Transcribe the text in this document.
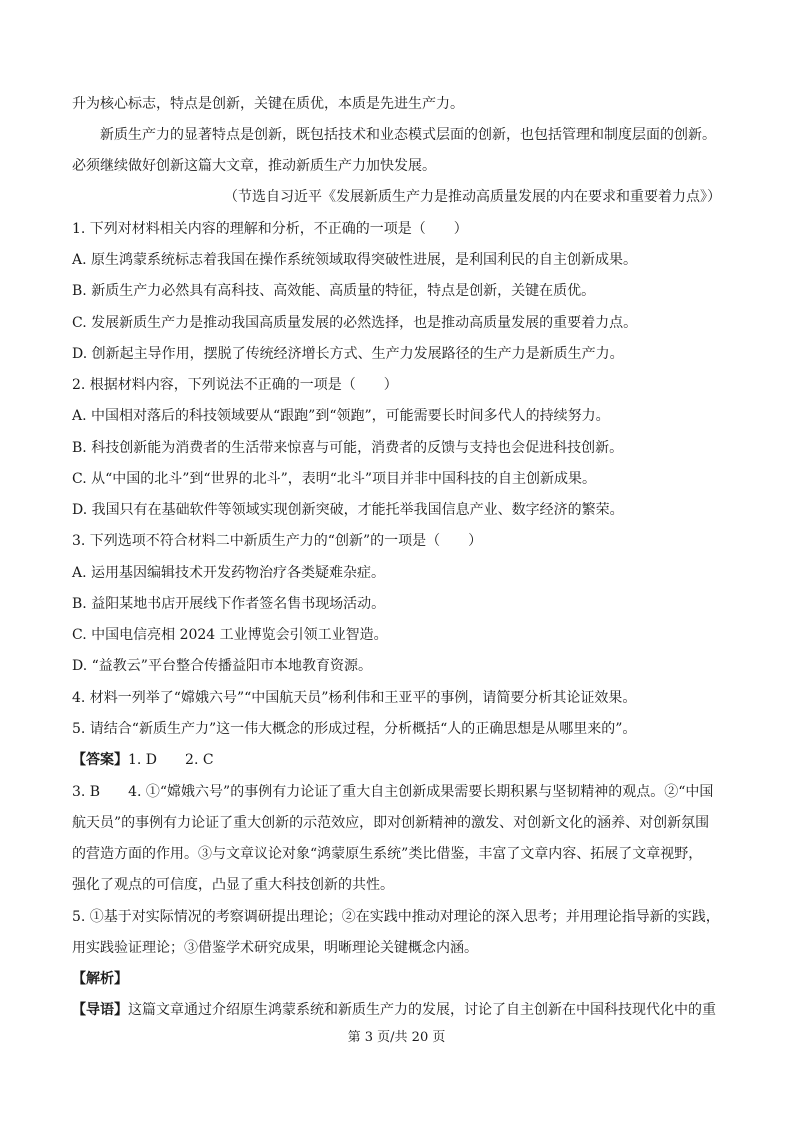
升为核心标志，特点是创新，关键在质优，本质是先进生产力。
新质生产力的显著特点是创新，既包括技术和业态模式层面的创新，也包括管理和制度层面的创新。
必须继续做好创新这篇大文章，推动新质生产力加快发展。
（节选自习近平《发展新质生产力是推动高质量发展的内在要求和重要着力点》）
1. 下列对材料相关内容的理解和分析，不正确的一项是（　　）
A. 原生鸿蒙系统标志着我国在操作系统领域取得突破性进展，是利国利民的自主创新成果。
B. 新质生产力必然具有高科技、高效能、高质量的特征，特点是创新，关键在质优。
C. 发展新质生产力是推动我国高质量发展的必然选择，也是推动高质量发展的重要着力点。
D. 创新起主导作用，摆脱了传统经济增长方式、生产力发展路径的生产力是新质生产力。
2. 根据材料内容，下列说法不正确的一项是（　　）
A. 中国相对落后的科技领域要从“跟跑”到“领跑”，可能需要长时间多代人的持续努力。
B. 科技创新能为消费者的生活带来惊喜与可能，消费者的反馈与支持也会促进科技创新。
C. 从“中国的北斗”到“世界的北斗”，表明“北斗”项目并非中国科技的自主创新成果。
D. 我国只有在基础软件等领域实现创新突破，才能托举我国信息产业、数字经济的繁荣。
3. 下列选项不符合材料二中新质生产力的“创新”的一项是（　　）
A. 运用基因编辑技术开发药物治疗各类疑难杂症。
B. 益阳某地书店开展线下作者签名售书现场活动。
C. 中国电信亮相 2024 工业博览会引领工业智造。
D. “益教云”平台整合传播益阳市本地教育资源。
4. 材料一列举了“嫦娥六号”“中国航天员”杨利伟和王亚平的事例，请简要分析其论证效果。
5. 请结合“新质生产力”这一伟大概念的形成过程，分析概括“人的正确思想是从哪里来的”。
【答案】1. D　　2. C
3. B　　4. ①“嫦娥六号”的事例有力论证了重大自主创新成果需要长期积累与坚韧精神的观点。②“中国
航天员”的事例有力论证了重大创新的示范效应，即对创新精神的激发、对创新文化的涵养、对创新氛围
的营造方面的作用。③与文章议论对象“鸿蒙原生系统”类比借鉴，丰富了文章内容、拓展了文章视野，
强化了观点的可信度，凸显了重大科技创新的共性。
5. ①基于对实际情况的考察调研提出理论；②在实践中推动对理论的深入思考；并用理论指导新的实践，
用实践验证理论；③借鉴学术研究成果，明晰理论关键概念内涵。
【解析】
【导语】这篇文章通过介绍原生鸿蒙系统和新质生产力的发展，讨论了自主创新在中国科技现代化中的重
第 3 页/共 20 页
